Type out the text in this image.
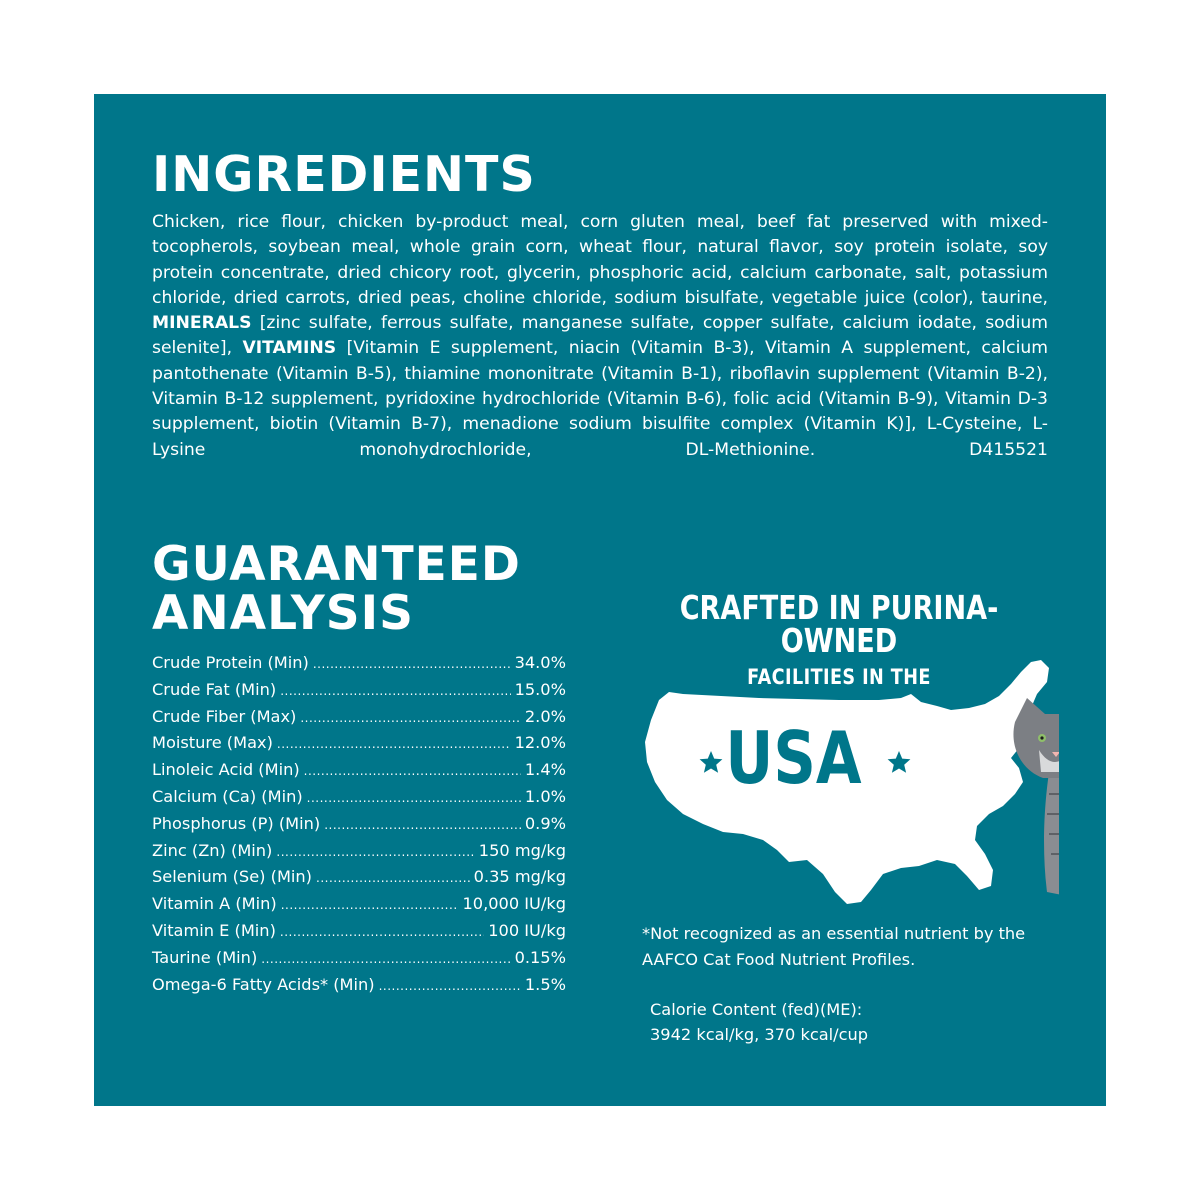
INGREDIENTS

Chicken, rice flour, chicken by-product meal, corn gluten meal, beef fat preserved with mixed-tocopherols, soybean meal, whole grain corn, wheat flour, natural flavor, soy protein isolate, soy protein concentrate, dried chicory root, glycerin, phosphoric acid, calcium carbonate, salt, potassium chloride, dried carrots, dried peas, choline chloride, sodium bisulfate, vegetable juice (color), taurine, MINERALS [zinc sulfate, ferrous sulfate, manganese sulfate, copper sulfate, calcium iodate, sodium selenite], VITAMINS [Vitamin E supplement, niacin (Vitamin B-3), Vitamin A supplement, calcium pantothenate (Vitamin B-5), thiamine mononitrate (Vitamin B-1), riboflavin supplement (Vitamin B-2), Vitamin B-12 supplement, pyridoxine hydrochloride (Vitamin B-6), folic acid (Vitamin B-9), Vitamin D-3 supplement, biotin (Vitamin B-7), menadione sodium bisulfite complex (Vitamin K)], L-Cysteine, L-Lysine monohydrochloride, DL-Methionine.	D415521

GUARANTEED
ANALYSIS
Crude Protein (Min) .....	34.0%
Crude Fat (Min) .....	15.0%
Crude Fiber (Max) .....	2.0%
Moisture (Max) .....	12.0%
Linoleic Acid (Min) .....	1.4%
Calcium (Ca) (Min) .....	1.0%
Phosphorus (P) (Min) .....	0.9%
Zinc (Zn) (Min) .....	150 mg/kg
Selenium (Se) (Min) .....	0.35 mg/kg
Vitamin A (Min) .....	10,000 IU/kg
Vitamin E (Min) .....	100 IU/kg
Taurine (Min) .....	0.15%
Omega-6 Fatty Acids* (Min) .....	1.5%
CRAFTED IN PURINA-OWNED
FACILITIES IN THE
USA

*Not recognized as an essential nutrient by the AAFCO Cat Food Nutrient Profiles.

Calorie Content (fed)(ME):
3942 kcal/kg, 370 kcal/cup
